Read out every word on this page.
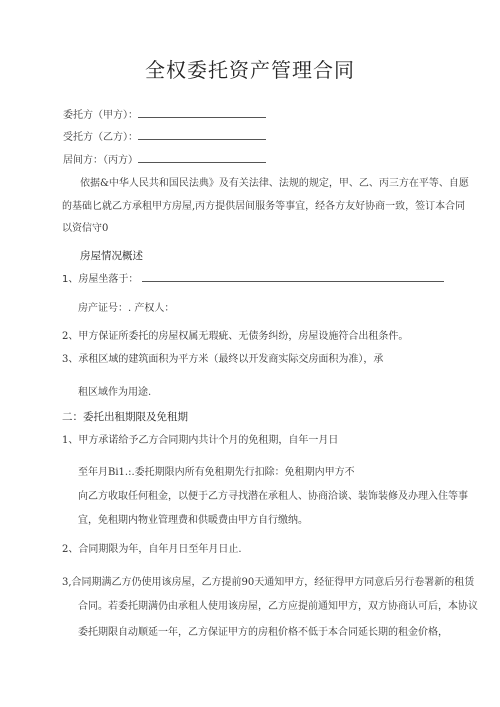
全权委托资产管理合同
委托方（甲方）：
受托方（乙方）：
居间方：（丙方）
依据&中华人民共和国民法典》及有关法律、法规的规定，甲、乙、丙三方在平等、自愿
的基础匕就乙方承租甲方房屋,丙方提供居间服务等事宜，经各方友好协商一致，签订本合同
以资信守0
房屋情况概述
1、房屋坐落于：
房产证号：. 产权人：
2、甲方保证所委托的房屋权属无瑕疵、无债务纠纷，房屋设施符合出租条件。
3、承租区域的建筑面积为平方米（最终以开发商实际交房面积为准），承
租区域作为用途.
二：委托出租期限及免租期
1、甲方承诺给予乙方合同期内共计个月的免租期，自年一月日
至年月Bi1.:.委托期限内所有免租期先行扣除：免租期内甲方不
向乙方收取任何租金，以便于乙方寻找潜在承租人、协商洽谈、装饰装修及办理入住等事
宜，免租期内物业管理费和供暖费由甲方自行缴纳。
2、合同期限为年，自年月日至年月日止.
3,合同期满乙方仍使用该房屋，乙方提前90天通知甲方，经征得甲方同意后另行卷署新的租赁
合同。若委托期满仍由承租人使用该房屋，乙方应提前通知甲方，双方协商认可后，本协议
委托期限自动顺延一年，乙方保证甲方的房租价格不低于本合同延长期的租金价格，
